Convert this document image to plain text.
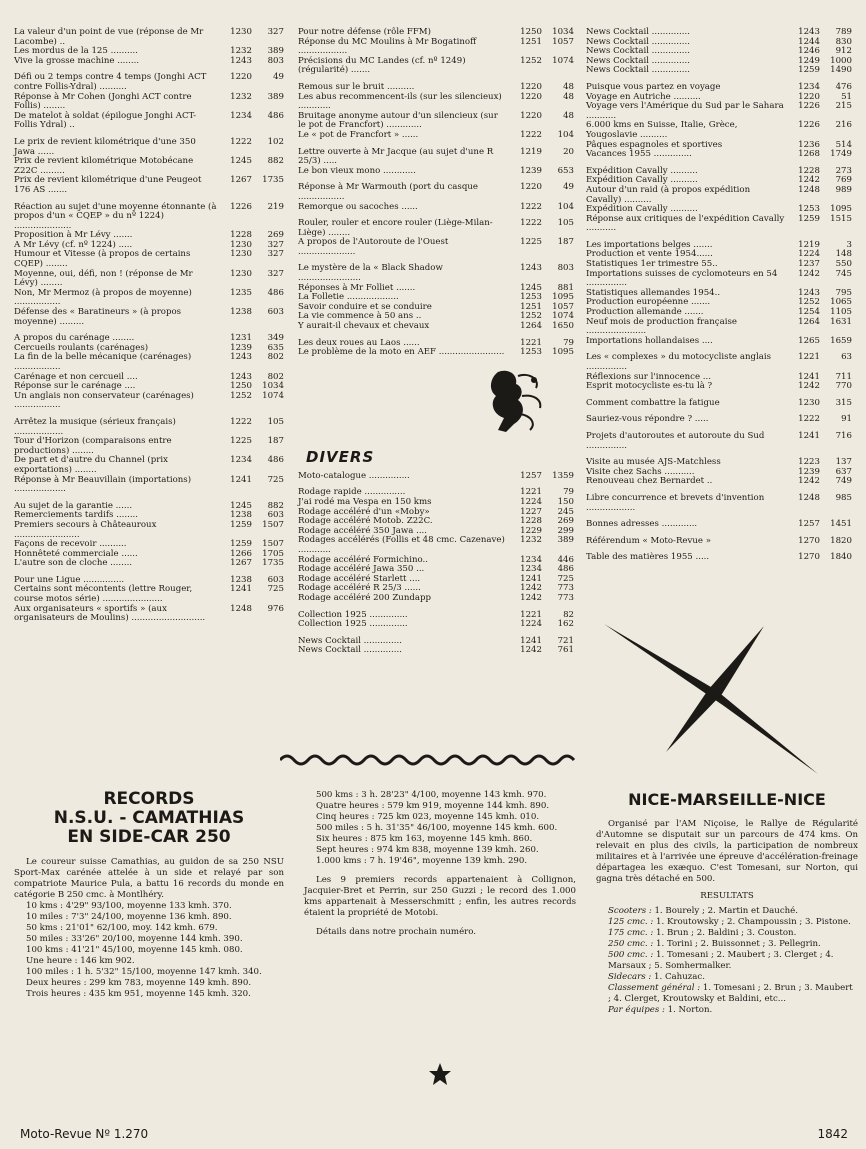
La valeur d'un point de vue (réponse de Mr Lacombe) ..
1230	327
Les mordus de la 125 ..........	1232	389
Vive la grosse machine ........	1243	803
Défi ou 2 temps contre 4 temps (Jonghi ACT contre Follis-Ydral) ..........
1220	49
Réponse à Mr Cohen (Jonghi ACT contre Follis) ........
1232	389
De matelot à soldat (épilogue Jonghi ACT-Follis Ydral) ..
1234	486
Le prix de revient kilométrique d'une 350 Jawa ......
1222	102
Prix de revient kilométrique Motobécane Z22C .........
1245	882
Prix de revient kilométrique d'une Peugeot 176 AS .......
1267	1735
Réaction au sujet d'une moyenne étonnante (à propos d'un « CQEP » du nº 1224) .....................
1226	219
Proposition à Mr Lévy .......	1228	269
A Mr Lévy (cf. nº 1224) .....	1230	327
Humour et Vitesse (à propos de certains CQEP) ........
1230	327
Moyenne, oui, défi, non ! (réponse de Mr Lévy) ........
1230	327
Non, Mr Mermoz (à propos de moyenne) .................
1235	486
Défense des « Baratineurs » (à propos moyenne) .........
1238	603
A propos du carénage ........	1231	349
Cercueils roulants (carénages)	1239	635
La fin de la belle mécanique (carénages) .................
1243	802
Carénage et non cercueil ....	1243	802
Réponse sur le carénage ....	1250	1034
Un anglais non conservateur (carénages) .................
1252	1074
Arrêtez la musique (sérieux français) ..................
1222	105
Tour d'Horizon (comparaisons entre productions) ........
1225	187
De part et d'autre du Channel (prix exportations) ........
1234	486
Réponse à Mr Beauvillain (importations) ...................
1241	725
Au sujet de la garantie ......	1245	882
Remerciements tardifs ........	1238	603
Premiers secours à Châteauroux ........................
1259	1507
Façons de recevoir ..........	1259	1507
Honnêteté commerciale ......	1266	1705
L'autre son de cloche ........	1267	1735
Pour une Ligue ...............	1238	603
Certains sont mécontents (lettre Rouger, course motos série) ......................
1241	725
Aux organisateurs « sportifs » (aux organisateurs de Moulins) ...........................
1248	976
Pour notre défense (rôle FFM)	1250	1034
Réponse du MC Moulins à Mr Bogatinoff ..................
1251	1057
Précisions du MC Landes (cf. nº 1249) (régularité) .......
1252	1074
Remous sur le bruit ..........	1220	48
Les abus recommencent-ils (sur les silencieux) ............
1220	48
Bruitage anonyme autour d'un silencieux (sur le pot de Francfort) .............
1220	48
Le « pot de Francfort » ......	1222	104
Lettre ouverte à Mr Jacque (au sujet d'une R 25/3) .....
1219	20
Le bon vieux mono ............	1239	653
Réponse à Mr Warmouth (port du casque .................
1220	49
Remorque ou sacoches ......	1222	104
Rouler, rouler et encore rouler (Liège-Milan-Liège) ........
1222	105
A propos de l'Autoroute de l'Ouest .....................
1225	187
Le mystère de la « Black Shadow .......................
1243	803
Réponses à Mr Folliet .......	1245	881
La Folletie ...................	1253	1095
Savoir conduire et se conduire	1251	1057
La vie commence à 50 ans ..	1252	1074
Y aurait-il chevaux et chevaux	1264	1650
Les deux roues au Laos ......	1221	79
Le problème de la moto en AEF ........................	1253	1095
DIVERS
Moto-catalogue ...............	1257	1359
Rodage rapide ...............	1221	79
J'ai rodé ma Vespa en 150 kms	1224	150
Rodage accéléré d'un «Moby»	1227	245
Rodage accéléré Motob. Z22C.	1228	269
Rodage accéléré 350 Jawa ....	1229	299
Rodages accélérés (Follis et 48 cmc. Cazenave) ............
1232	389
Rodage accéléré Formichino..	1234	446
Rodage accéléré Jawa 350 ...	1234	486
Rodage accéléré Starlett ....	1241	725
Rodage accéléré R 25/3 ......	1242	773
Rodage accéléré 200 Zundapp	1242	773
Collection 1925 ..............	1221	82
Collection 1925 ..............	1224	162
News Cocktail ..............	1241	721
News Cocktail ..............	1242	761
News Cocktail ..............	1243	789
News Cocktail ..............	1244	830
News Cocktail ..............	1246	912
News Cocktail ..............	1249	1000
News Cocktail ..............	1259	1490
Puisque vous partez en voyage	1234	476
Voyage en Autriche ..........	1220	51
Voyage vers l'Amérique du Sud par le Sahara ...........
1226	215
6.000 kms en Suisse, Italie, Grèce, Yougoslavie ..........
1226	216
Pâques espagnoles et sportives	1236	514
Vacances 1955 ..............	1268	1749
Expédition Cavally ..........	1228	273
Expédition Cavally ..........	1242	769
Autour d'un raid (à propos expédition Cavally) ..........
1248	989
Expédition Cavally ..........	1253	1095
Réponse aux critiques de l'expédition Cavally ...........
1259	1515
Les importations belges .......	1219	3
Production et vente 1954......	1224	148
Statistiques 1er trimestre 55..	1237	550
Importations suisses de cyclomoteurs en 54 ...............
1242	745
Statistiques allemandes 1954..	1243	795
Production européenne .......	1252	1065
Production allemande .......	1254	1105
Neuf mois de production française ......................
1264	1631
Importations hollandaises ....	1265	1659
Les « complexes » du motocycliste anglais ...............
1221	63
Réflexions sur l'innocence ...	1241	711
Esprit motocycliste es-tu là ?	1242	770
Comment combattre la fatigue	1230	315
Sauriez-vous répondre ? .....	1222	91
Projets d'autoroutes et autoroute du Sud ...............
1241	716
Visite au musée AJS-Matchless	1223	137
Visite chez Sachs ...........	1239	637
Renouveau chez Bernardet ..	1242	749
Libre concurrence et brevets d'invention ..................
1248	985
Bonnes adresses .............	1257	1451
Référendum « Moto-Revue »	1270	1820
Table des matières 1955 .....	1270	1840
RECORDS
N.S.U. - CAMATHIAS
EN SIDE-CAR 250

Le coureur suisse Camathias, au guidon de sa 250 NSU Sport-Max carénée attelée à un side et relayé par son compatriote Maurice Pula, a battu 16 records du monde en catégorie B 250 cmc. à Montlhéry.

10 kms : 4'29" 93/100, moyenne 133 kmh. 370.

10 miles : 7'3" 24/100, moyenne 136 kmh. 890.

50 kms : 21'01" 62/100, moy. 142 kmh. 679.

50 miles : 33'26" 20/100, moyenne 144 kmh. 390.

100 kms : 41'21" 45/100, moyenne 145 kmh. 080.

Une heure : 146 km 902.

100 miles : 1 h. 5'32" 15/100, moyenne 147 kmh. 340.

Deux heures : 299 km 783, moyenne 149 kmh. 890.

Trois heures : 435 km 951, moyenne 145 kmh. 320.

500 kms : 3 h. 28'23" 4/100, moyenne 143 kmh. 970.

Quatre heures : 579 km 919, moyenne 144 kmh. 890.

Cinq heures : 725 km 023, moyenne 145 kmh. 010.

500 miles : 5 h. 31'35" 46/100, moyenne 145 kmh. 600.

Six heures : 875 km 163, moyenne 145 kmh. 860.

Sept heures : 974 km 838, moyenne 139 kmh. 260.

1.000 kms : 7 h. 19'46", moyenne 139 kmh. 290.

Les 9 premiers records appartenaient à Collignon, Jacquier-Bret et Perrin, sur 250 Guzzi ; le record des 1.000 kms appartenait à Messerschmitt ; enfin, les autres records étaient la propriété de Motobi.

Détails dans notre prochain numéro.

NICE-MARSEILLE-NICE

Organisé par l'AM Niçoise, le Rallye de Régularité d'Automne se disputait sur un parcours de 474 kms. On relevait en plus des civils, la participation de nombreux militaires et à l'arrivée une épreuve d'accélération-freinage départagea les exæquo. C'est Tomesani, sur Norton, qui gagna très détaché en 500.

RESULTATS

Scooters : 1. Bourely ; 2. Martin et Dauché.

125 cmc. : 1. Kroutowsky ; 2. Champoussin ; 3. Pistone.

175 cmc. : 1. Brun ; 2. Baldini ; 3. Couston.

250 cmc. : 1. Torini ; 2. Buissonnet ; 3. Pellegrin.

500 cmc. : 1. Tomesani ; 2. Maubert ; 3. Clerget ; 4. Marsaux ; 5. Somhermalker.

Sidecars : 1. Cahuzac.

Classement général : 1. Tomesani ; 2. Brun ; 3. Maubert ; 4. Clerget, Kroutowsky et Baldini, etc...

Par équipes : 1. Norton.

Moto-Revue Nº 1.270	1842
